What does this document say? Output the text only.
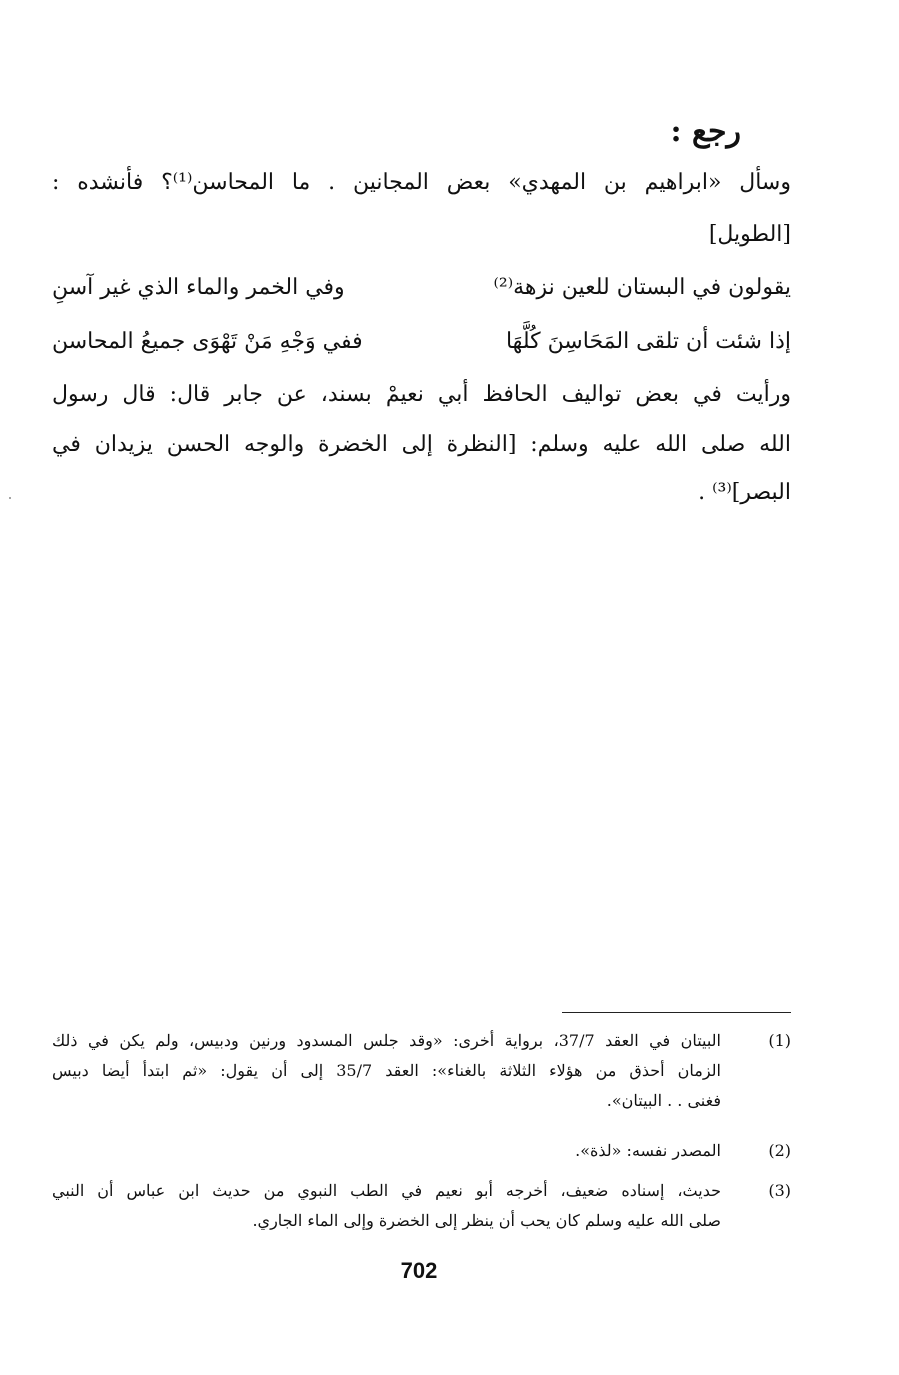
رجع :
وسأل «ابراهيم بن المهدي» بعض المجانين . ما المحاسن⁽¹⁾؟ فأنشده :
[الطويل]
يقولون في البستان للعين نزهة⁽²⁾
وفي الخمر والماء الذي غير آسنِ
إذا شئت أن تلقى المَحَاسِنَ كُلَّهَا
ففي وَجْهِ مَنْ تَهْوَى جميعُ المحاسن
ورأيت في بعض تواليف الحافظ أبي نعيمْ بسند، عن جابر قال: قال رسول
الله صلى الله عليه وسلم: [النظرة إلى الخضرة والوجه الحسن يزيدان في
البصر]⁽³⁾ .
(1)
البيتان في العقد 37/7، برواية أخرى: «وقد جلس المسدود ورنين ودبيس، ولم يكن في ذلك
الزمان أحذق من هؤلاء الثلاثة بالغناء»: العقد 35/7 إلى أن يقول: «ثم ابتدأ أيضا دبيس
فغنى . . البيتان».
(2)
المصدر نفسه: «لذة».
(3)
حديث، إسناده ضعيف، أخرجه أبو نعيم في الطب النبوي من حديث ابن عباس أن النبي
صلى الله عليه وسلم كان يحب أن ينظر إلى الخضرة وإلى الماء الجاري.
702
